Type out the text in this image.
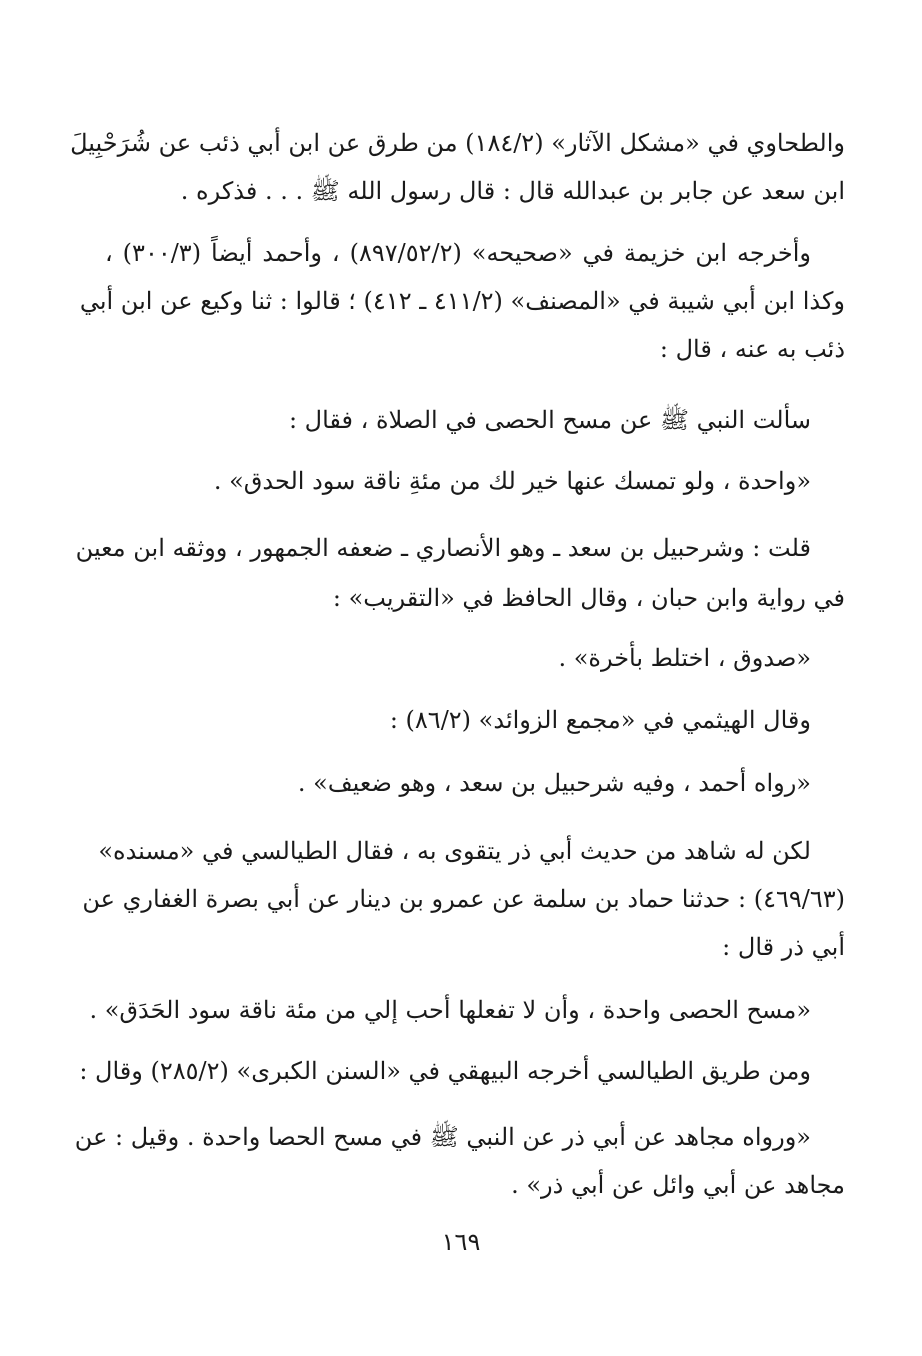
والطحاوي في «مشكل الآثار» (١٨٤/٢) من طرق عن ابن أبي ذئب عن شُرَحْبِيلَ
ابن سعد عن جابر بن عبدالله قال : قال رسول الله ﷺ . . . فذكره .
وأخرجه ابن خزيمة في «صحيحه» (٨٩٧/٥٢/٢) ، وأحمد أيضاً (٣٠٠/٣) ،
وكذا ابن أبي شيبة في «المصنف» (٤١١/٢ ـ ٤١٢) ؛ قالوا : ثنا وكيع عن ابن أبي
ذئب به عنه ، قال :
سألت النبي ﷺ عن مسح الحصى في الصلاة ، فقال :
«واحدة ، ولو تمسك عنها خير لك من مئةِ ناقة سود الحدق» .
قلت : وشرحبيل بن سعد ـ وهو الأنصاري ـ ضعفه الجمهور ، ووثقه ابن معين
في رواية وابن حبان ، وقال الحافظ في «التقريب» :
«صدوق ، اختلط بأخرة» .
وقال الهيثمي في «مجمع الزوائد» (٨٦/٢) :
«رواه أحمد ، وفيه شرحبيل بن سعد ، وهو ضعيف» .
لكن له شاهد من حديث أبي ذر يتقوى به ، فقال الطيالسي في «مسنده»
(٤٦٩/٦٣) : حدثنا حماد بن سلمة عن عمرو بن دينار عن أبي بصرة الغفاري عن
أبي ذر قال :
«مسح الحصى واحدة ، وأن لا تفعلها أحب إلي من مئة ناقة سود الحَدَق» .
ومن طريق الطيالسي أخرجه البيهقي في «السنن الكبرى» (٢٨٥/٢) وقال :
«ورواه مجاهد عن أبي ذر عن النبي ﷺ في مسح الحصا واحدة . وقيل : عن
مجاهد عن أبي وائل عن أبي ذر» .
١٦٩
